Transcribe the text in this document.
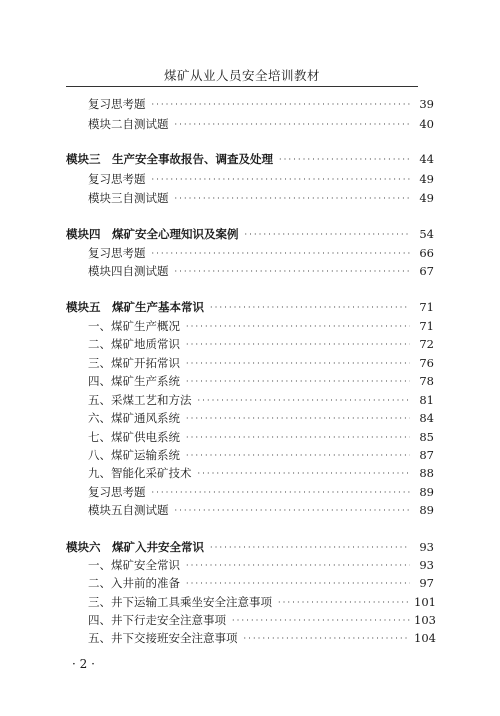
煤矿从业人员安全培训教材
复习思考题 ·····	39
模块二自测试题 ·····	40
模块三　生产安全事故报告、调查及处理 ·····	44
复习思考题 ·····	49
模块三自测试题 ·····	49
模块四　煤矿安全心理知识及案例 ·····	54
复习思考题 ·····	66
模块四自测试题 ·····	67
模块五　煤矿生产基本常识 ·····	71
一、煤矿生产概况 ·····	71
二、煤矿地质常识 ·····	72
三、煤矿开拓常识 ·····	76
四、煤矿生产系统 ·····	78
五、采煤工艺和方法 ·····	81
六、煤矿通风系统 ·····	84
七、煤矿供电系统 ·····	85
八、煤矿运输系统 ·····	87
九、智能化采矿技术 ·····	88
复习思考题 ·····	89
模块五自测试题 ·····	89
模块六　煤矿入井安全常识 ·····	93
一、煤矿安全常识 ·····	93
二、入井前的准备 ·····	97
三、井下运输工具乘坐安全注意事项 ·····	101
四、井下行走安全注意事项 ·····	103
五、井下交接班安全注意事项 ·····	104
· 2 ·
